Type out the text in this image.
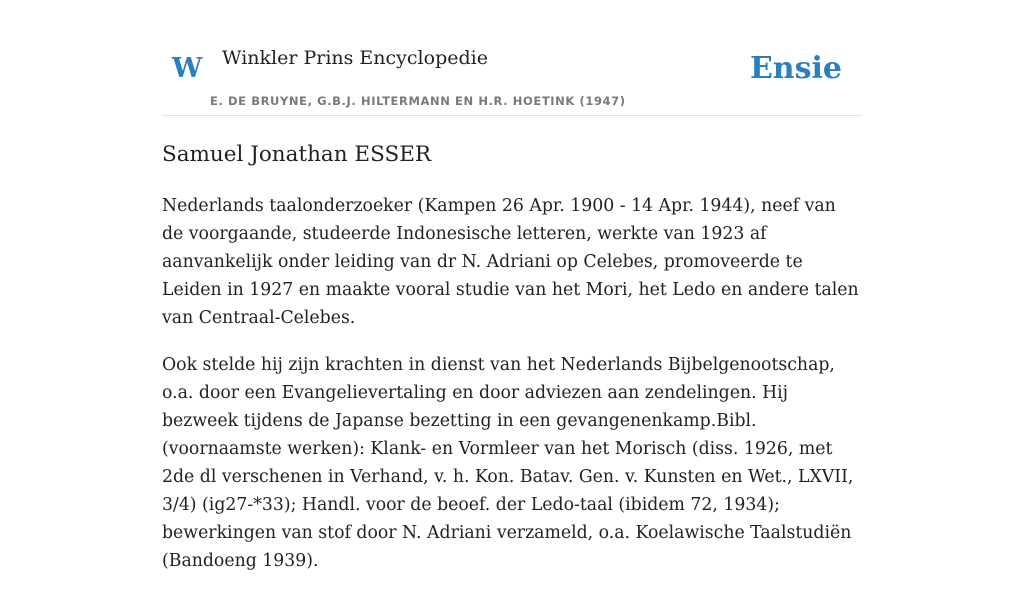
W Winkler Prins Encyclopedie
E. DE BRUYNE, G.B.J. HILTERMANN EN H.R. HOETINK (1947)
Ensie
Samuel Jonathan ESSER

Nederlands taalonderzoeker (Kampen 26 Apr. 1900 - 14 Apr. 1944), neef van de voorgaande, studeerde Indonesische letteren, werkte van 1923 af aanvankelijk onder leiding van dr N. Adriani op Celebes, promoveerde te Leiden in 1927 en maakte vooral studie van het Mori, het Ledo en andere talen van Centraal-Celebes.

Ook stelde hij zijn krachten in dienst van het Nederlands Bijbelgenootschap, o.a. door een Evangelievertaling en door adviezen aan zendelingen. Hij bezweek tijdens de Japanse bezetting in een gevangenenkamp.Bibl. (voornaamste werken): Klank- en Vormleer van het Morisch (diss. 1926, met 2de dl verschenen in Verhand, v. h. Kon. Batav. Gen. v. Kunsten en Wet., LXVII, 3/4) (ig27-*33); Handl. voor de beoef. der Ledo-taal (ibidem 72, 1934); bewerkingen van stof door N. Adriani verzameld, o.a. Koelawische Taalstudiën (Bandoeng 1939).
